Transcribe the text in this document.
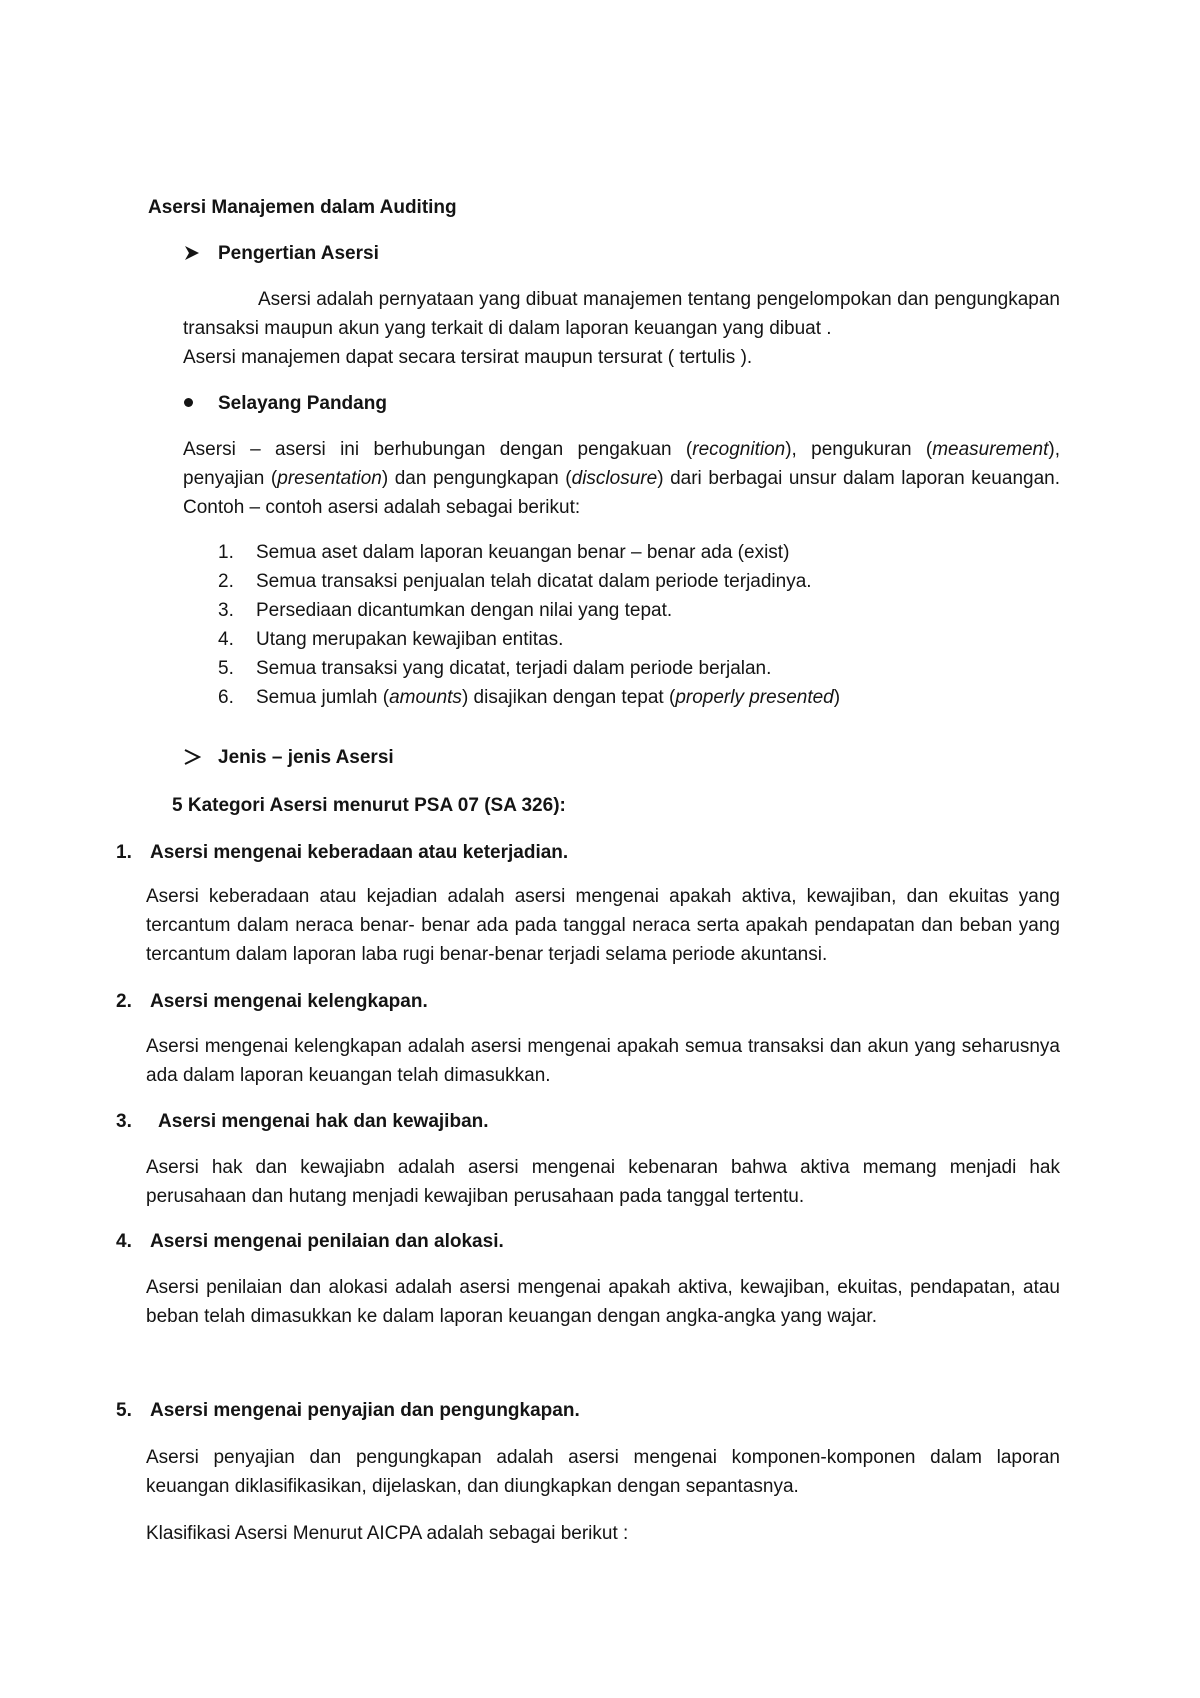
Asersi Manajemen dalam Auditing
Pengertian Asersi
Asersi adalah pernyataan yang dibuat manajemen tentang pengelompokan dan pengungkapan transaksi maupun akun yang terkait di dalam laporan keuangan yang dibuat .
Asersi manajemen dapat secara tersirat maupun tersurat ( tertulis ).
Selayang Pandang
Asersi – asersi ini berhubungan dengan pengakuan (recognition), pengukuran (measurement), penyajian (presentation) dan pengungkapan (disclosure) dari berbagai unsur dalam laporan keuangan. Contoh – contoh asersi adalah sebagai berikut:
1. Semua aset dalam laporan keuangan benar – benar ada (exist)
2. Semua transaksi penjualan telah dicatat dalam periode terjadinya.
3. Persediaan dicantumkan dengan nilai yang tepat.
4. Utang merupakan kewajiban entitas.
5. Semua transaksi yang dicatat, terjadi dalam periode berjalan.
6. Semua jumlah (amounts) disajikan dengan tepat (properly presented)
Jenis – jenis Asersi
5 Kategori Asersi menurut PSA 07 (SA 326):
1. Asersi mengenai keberadaan atau keterjadian.
Asersi keberadaan atau kejadian adalah asersi mengenai apakah aktiva, kewajiban, dan ekuitas yang tercantum dalam neraca benar- benar ada pada tanggal neraca serta apakah pendapatan dan beban yang tercantum dalam laporan laba rugi benar-benar terjadi selama periode akuntansi.
2. Asersi mengenai kelengkapan.
Asersi mengenai kelengkapan adalah asersi mengenai apakah semua transaksi dan akun yang seharusnya ada dalam laporan keuangan telah dimasukkan.
3. Asersi mengenai hak dan kewajiban.
Asersi hak dan kewajiabn adalah asersi mengenai kebenaran bahwa aktiva memang menjadi hak perusahaan dan hutang menjadi kewajiban perusahaan pada tanggal tertentu.
4. Asersi mengenai penilaian dan alokasi.
Asersi penilaian dan alokasi adalah asersi mengenai apakah aktiva, kewajiban, ekuitas, pendapatan, atau beban telah dimasukkan ke dalam laporan keuangan dengan angka-angka yang wajar.
5. Asersi mengenai penyajian dan pengungkapan.
Asersi penyajian dan pengungkapan adalah asersi mengenai komponen-komponen dalam laporan keuangan diklasifikasikan, dijelaskan, dan diungkapkan dengan sepantasnya.
Klasifikasi Asersi Menurut AICPA adalah sebagai berikut :
